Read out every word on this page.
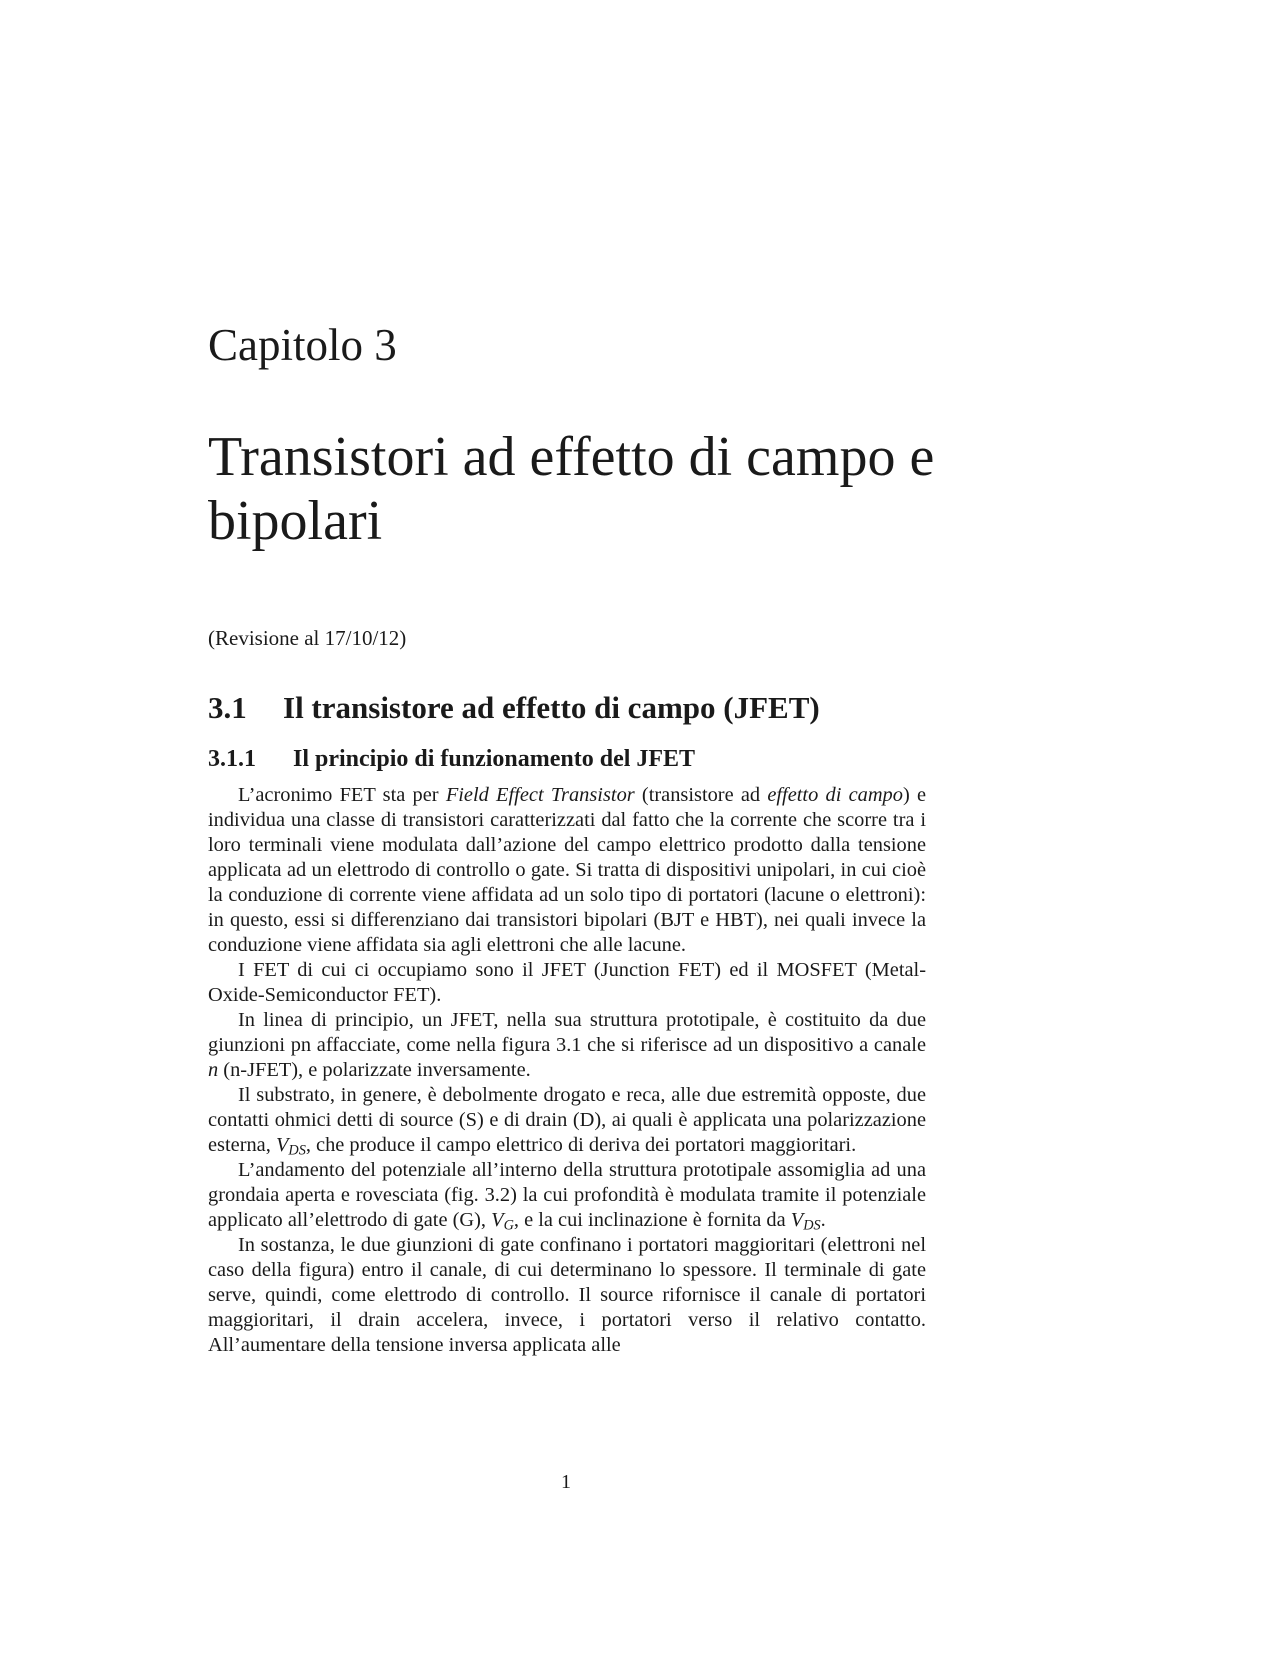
Capitolo 3
Transistori ad effetto di campo e bipolari
(Revisione al 17/10/12)
3.1 Il transistore ad effetto di campo (JFET)
3.1.1 Il principio di funzionamento del JFET

L’acronimo FET sta per Field Effect Transistor (transistore ad effetto di campo) e individua una classe di transistori caratterizzati dal fatto che la corrente che scorre tra i loro terminali viene modulata dall’azione del campo elettrico prodotto dalla tensione applicata ad un elettrodo di controllo o gate. Si tratta di dispositivi unipolari, in cui cioè la conduzione di corrente viene affidata ad un solo tipo di portatori (lacune o elettroni): in questo, essi si differenziano dai transistori bipolari (BJT e HBT), nei quali invece la conduzione viene affidata sia agli elettroni che alle lacune.

I FET di cui ci occupiamo sono il JFET (Junction FET) ed il MOSFET (Metal-Oxide-Semiconductor FET).

In linea di principio, un JFET, nella sua struttura prototipale, è costituito da due giunzioni pn affacciate, come nella figura 3.1 che si riferisce ad un dispositivo a canale n (n-JFET), e polarizzate inversamente.

Il substrato, in genere, è debolmente drogato e reca, alle due estremità opposte, due contatti ohmici detti di source (S) e di drain (D), ai quali è applicata una polarizzazione esterna, $V_{DS}$, che produce il campo elettrico di deriva dei portatori maggioritari.

L’andamento del potenziale all’interno della struttura prototipale assomiglia ad una grondaia aperta e rovesciata (fig. 3.2) la cui profondità è modulata tramite il potenziale applicato all’elettrodo di gate (G), $V_G$, e la cui inclinazione è fornita da $V_{DS}$.

In sostanza, le due giunzioni di gate confinano i portatori maggioritari (elettroni nel caso della figura) entro il canale, di cui determinano lo spessore. Il terminale di gate serve, quindi, come elettrodo di controllo. Il source rifornisce il canale di portatori maggioritari, il drain accelera, invece, i portatori verso il relativo contatto. All’aumentare della tensione inversa applicata alle

1
